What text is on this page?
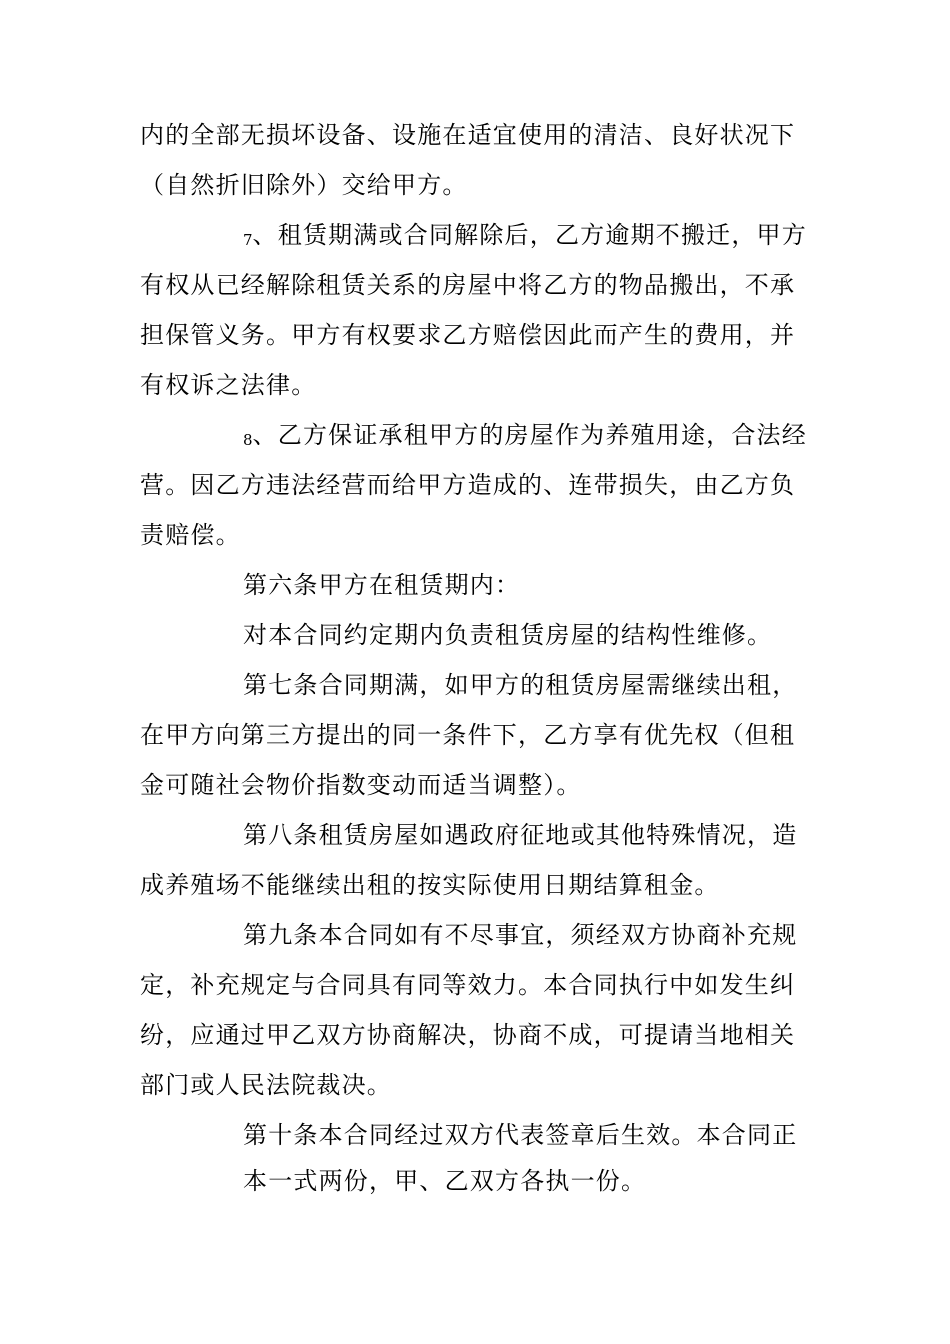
内的全部无损坏设备、设施在适宜使用的清洁、良好状况下
（自然折旧除外）交给甲方。
7、租赁期满或合同解除后，乙方逾期不搬迁，甲方
有权从已经解除租赁关系的房屋中将乙方的物品搬出，不承
担保管义务。甲方有权要求乙方赔偿因此而产生的费用，并
有权诉之法律。
8、乙方保证承租甲方的房屋作为养殖用途，合法经
营。因乙方违法经营而给甲方造成的、连带损失，由乙方负
责赔偿。
第六条甲方在租赁期内：
对本合同约定期内负责租赁房屋的结构性维修。
第七条合同期满，如甲方的租赁房屋需继续出租，
在甲方向第三方提出的同一条件下，乙方享有优先权（但租
金可随社会物价指数变动而适当调整）。
第八条租赁房屋如遇政府征地或其他特殊情况，造
成养殖场不能继续出租的按实际使用日期结算租金。
第九条本合同如有不尽事宜，须经双方协商补充规
定，补充规定与合同具有同等效力。本合同执行中如发生纠
纷，应通过甲乙双方协商解决，协商不成，可提请当地相关
部门或人民法院裁决。
第十条本合同经过双方代表签章后生效。本合同正
本一式两份，甲、乙双方各执一份。
